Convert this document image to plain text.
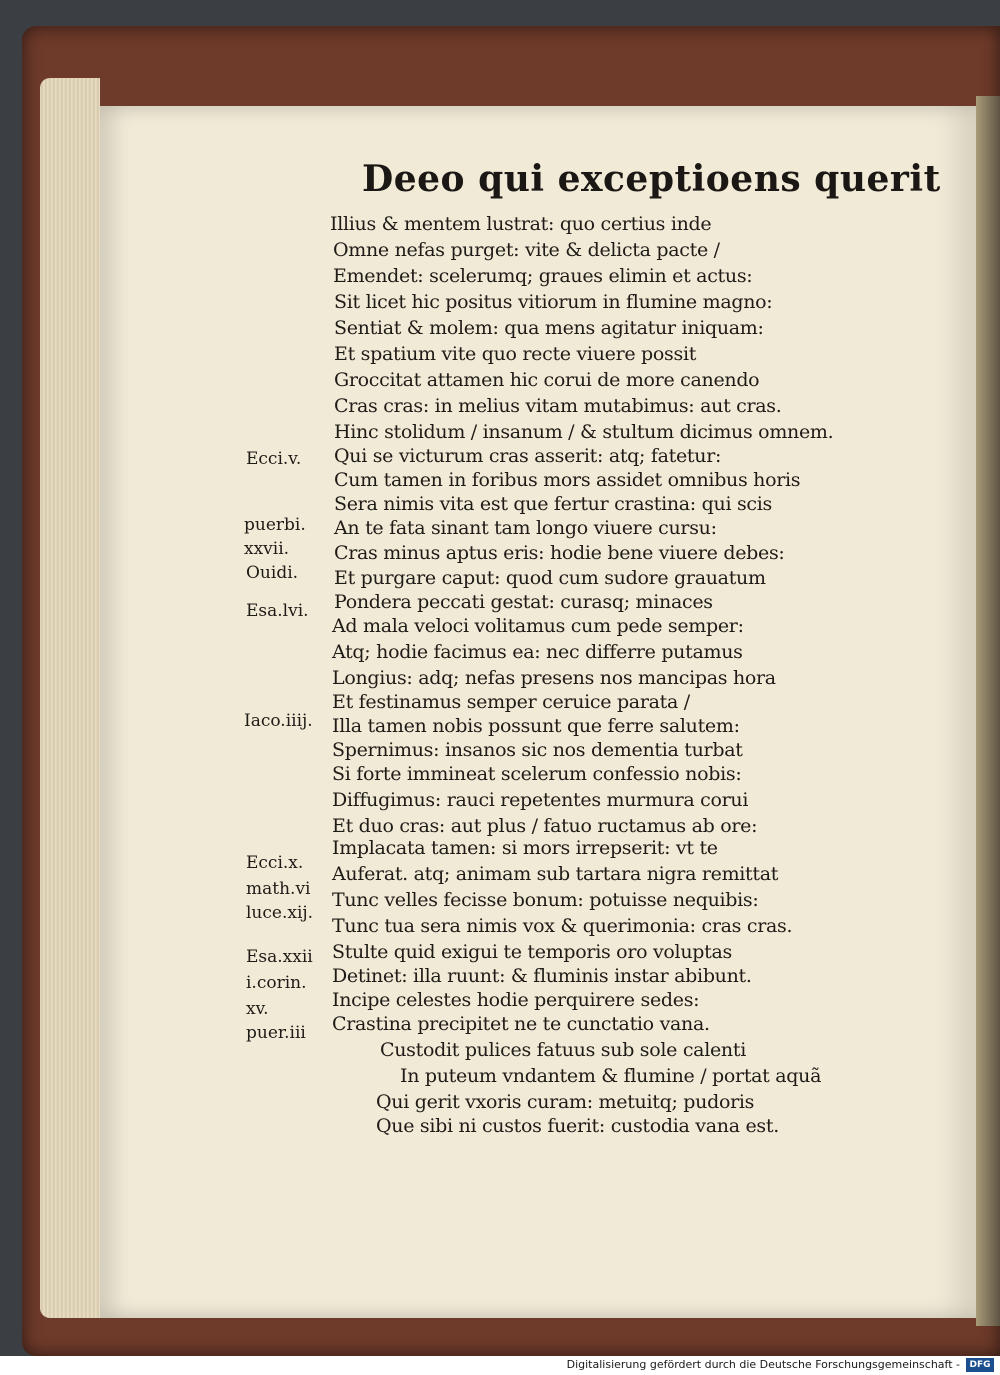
Deeo qui exceptioens querit
Illius & mentem lustrat: quo certius inde
Omne nefas purget: vite & delicta pacte /
Emendet: scelerumq; graues elimin et actus:
Sit licet hic positus vitiorum in flumine magno:
Sentiat & molem: qua mens agitatur iniquam:
Et spatium vite quo recte viuere possit
Groccitat attamen hic corui de more canendo
Cras cras: in melius vitam mutabimus: aut cras.
Hinc stolidum / insanum / & stultum dicimus omnem.
Qui se victurum cras asserit: atq; fatetur:
Cum tamen in foribus mors assidet omnibus horis
Sera nimis vita est que fertur crastina: qui scis
An te fata sinant tam longo viuere cursu:
Cras minus aptus eris: hodie bene viuere debes:
Et purgare caput: quod cum sudore grauatum
Pondera peccati gestat: curasq; minaces
Ad mala veloci volitamus cum pede semper:
Atq; hodie facimus ea: nec differre putamus
Longius: adq; nefas presens nos mancipas hora
Et festinamus semper ceruice parata /
Illa tamen nobis possunt que ferre salutem:
Spernimus: insanos sic nos dementia turbat
Si forte immineat scelerum confessio nobis:
Diffugimus: rauci repetentes murmura corui
Et duo cras: aut plus / fatuo ructamus ab ore:
Implacata tamen: si mors irrepserit: vt te
Auferat. atq; animam sub tartara nigra remittat
Tunc velles fecisse bonum: potuisse nequibis:
Tunc tua sera nimis vox & querimonia: cras cras.
Stulte quid exigui te temporis oro voluptas
Detinet: illa ruunt: & fluminis instar abibunt.
Incipe celestes hodie perquirere sedes:
Crastina precipitet ne te cunctatio vana.
Custodit pulices fatuus sub sole calenti
In puteum vndantem & flumine / portat aquã
Qui gerit vxoris curam: metuitq; pudoris
Que sibi ni custos fuerit: custodia vana est.
Ecci.v.
puerbi.
xxvii.
Ouidi.
Esa.lvi.
Iaco.iiij.
Ecci.x.
math.vi
luce.xij.
Esa.xxii
i.corin.
xv.
puer.iii
Digitalisierung gefördert durch die Deutsche Forschungsgemeinschaft -	DFG
